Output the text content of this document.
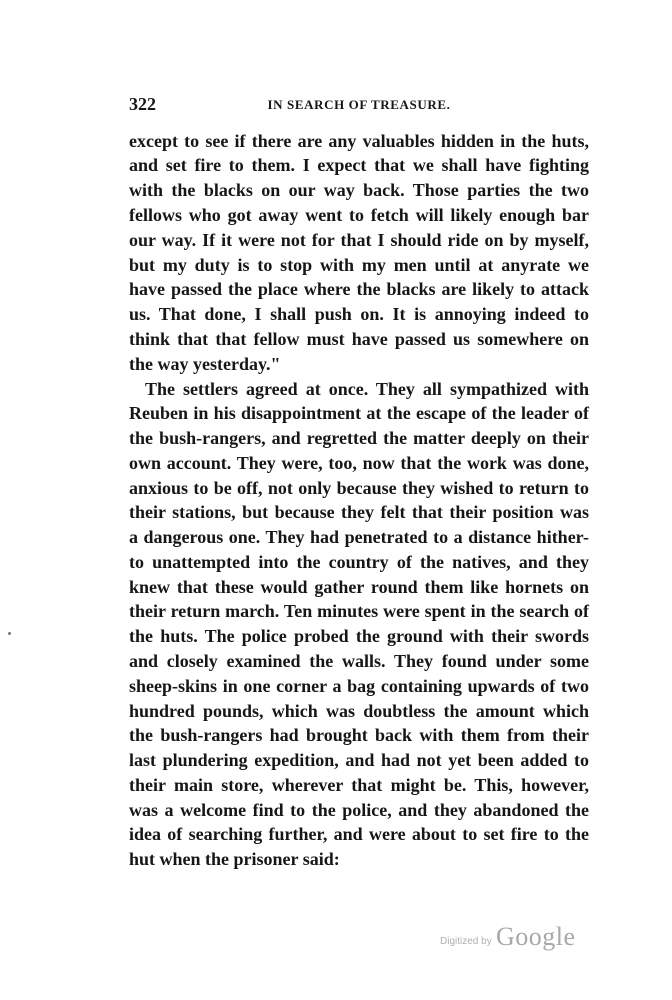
322	IN SEARCH OF TREASURE.
except to see if there are any valuables hidden in the huts,
and set fire to them. I expect that we shall have fighting
with the blacks on our way back. Those parties the two
fellows who got away went to fetch will likely enough bar
our way. If it were not for that I should ride on by myself,
but my duty is to stop with my men until at anyrate we
have passed the place where the blacks are likely to attack
us. That done, I shall push on. It is annoying indeed to
think that that fellow must have passed us somewhere on
the way yesterday."
The settlers agreed at once. They all sympathized with
Reuben in his disappointment at the escape of the leader of
the bush-rangers, and regretted the matter deeply on their
own account. They were, too, now that the work was done,
anxious to be off, not only because they wished to return to
their stations, but because they felt that their position was
a dangerous one. They had penetrated to a distance hither-
to unattempted into the country of the natives, and they
knew that these would gather round them like hornets on
their return march. Ten minutes were spent in the search of
the huts. The police probed the ground with their swords
and closely examined the walls. They found under some
sheep-skins in one corner a bag containing upwards of two
hundred pounds, which was doubtless the amount which
the bush-rangers had brought back with them from their
last plundering expedition, and had not yet been added to
their main store, wherever that might be. This, however,
was a welcome find to the police, and they abandoned the
idea of searching further, and were about to set fire to the
hut when the prisoner said:
Digitized by Google
